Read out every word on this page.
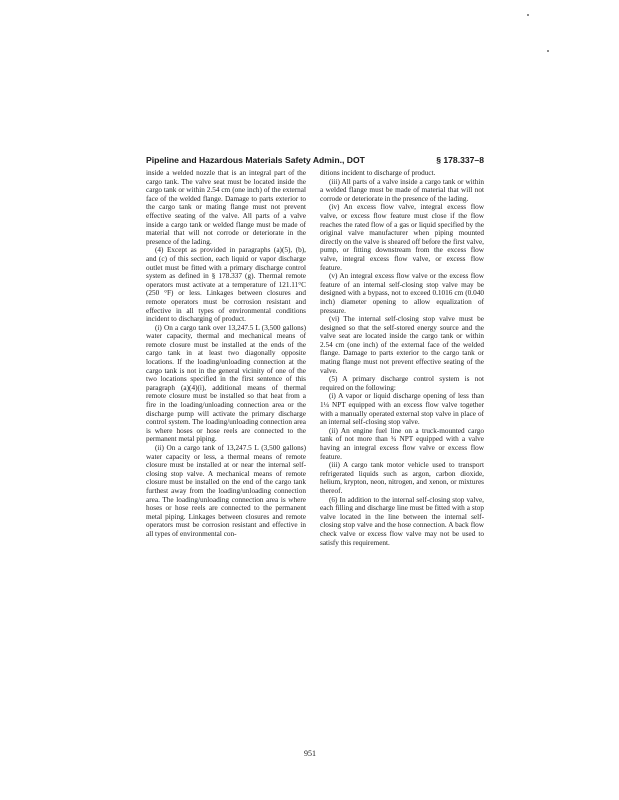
Pipeline and Hazardous Materials Safety Admin., DOT	§ 178.337–8

inside a welded nozzle that is an integral part of the cargo tank. The valve seat must be located inside the cargo tank or within 2.54 cm (one inch) of the external face of the welded flange. Damage to parts exterior to the cargo tank or mating flange must not prevent effective seating of the valve. All parts of a valve inside a cargo tank or welded flange must be made of material that will not corrode or deteriorate in the presence of the lading.

(4) Except as provided in paragraphs (a)(5), (b), and (c) of this section, each liquid or vapor discharge outlet must be fitted with a primary discharge control system as defined in § 178.337 (g). Thermal remote operators must activate at a temperature of 121.11°C (250 °F) or less. Linkages between closures and remote operators must be corrosion resistant and effective in all types of environmental conditions incident to discharging of product.

(i) On a cargo tank over 13,247.5 L (3,500 gallons) water capacity, thermal and mechanical means of remote closure must be installed at the ends of the cargo tank in at least two diagonally opposite locations. If the loading/unloading connection at the cargo tank is not in the general vicinity of one of the two locations specified in the first sentence of this paragraph (a)(4)(i), additional means of thermal remote closure must be installed so that heat from a fire in the loading/unloading connection area or the discharge pump will activate the primary discharge control system. The loading/unloading connection area is where hoses or hose reels are connected to the permanent metal piping.

(ii) On a cargo tank of 13,247.5 L (3,500 gallons) water capacity or less, a thermal means of remote closure must be installed at or near the internal self-closing stop valve. A mechanical means of remote closure must be installed on the end of the cargo tank furthest away from the loading/unloading connection area. The loading/unloading connection area is where hoses or hose reels are connected to the permanent metal piping. Linkages between closures and remote operators must be corrosion resistant and effective in all types of environmental con-

ditions incident to discharge of product.

(iii) All parts of a valve inside a cargo tank or within a welded flange must be made of material that will not corrode or deteriorate in the presence of the lading.

(iv) An excess flow valve, integral excess flow valve, or excess flow feature must close if the flow reaches the rated flow of a gas or liquid specified by the original valve manufacturer when piping mounted directly on the valve is sheared off before the first valve, pump, or fitting downstream from the excess flow valve, integral excess flow valve, or excess flow feature.

(v) An integral excess flow valve or the excess flow feature of an internal self-closing stop valve may be designed with a bypass, not to exceed 0.1016 cm (0.040 inch) diameter opening to allow equalization of pressure.

(vi) The internal self-closing stop valve must be designed so that the self-stored energy source and the valve seat are located inside the cargo tank or within 2.54 cm (one inch) of the external face of the welded flange. Damage to parts exterior to the cargo tank or mating flange must not prevent effective seating of the valve.

(5) A primary discharge control system is not required on the following:

(i) A vapor or liquid discharge opening of less than 1¼ NPT equipped with an excess flow valve together with a manually operated external stop valve in place of an internal self-closing stop valve.

(ii) An engine fuel line on a truck-mounted cargo tank of not more than ¾ NPT equipped with a valve having an integral excess flow valve or excess flow feature.

(iii) A cargo tank motor vehicle used to transport refrigerated liquids such as argon, carbon dioxide, helium, krypton, neon, nitrogen, and xenon, or mixtures thereof.

(6) In addition to the internal self-closing stop valve, each filling and discharge line must be fitted with a stop valve located in the line between the internal self-closing stop valve and the hose connection. A back flow check valve or excess flow valve may not be used to satisfy this requirement.

951
